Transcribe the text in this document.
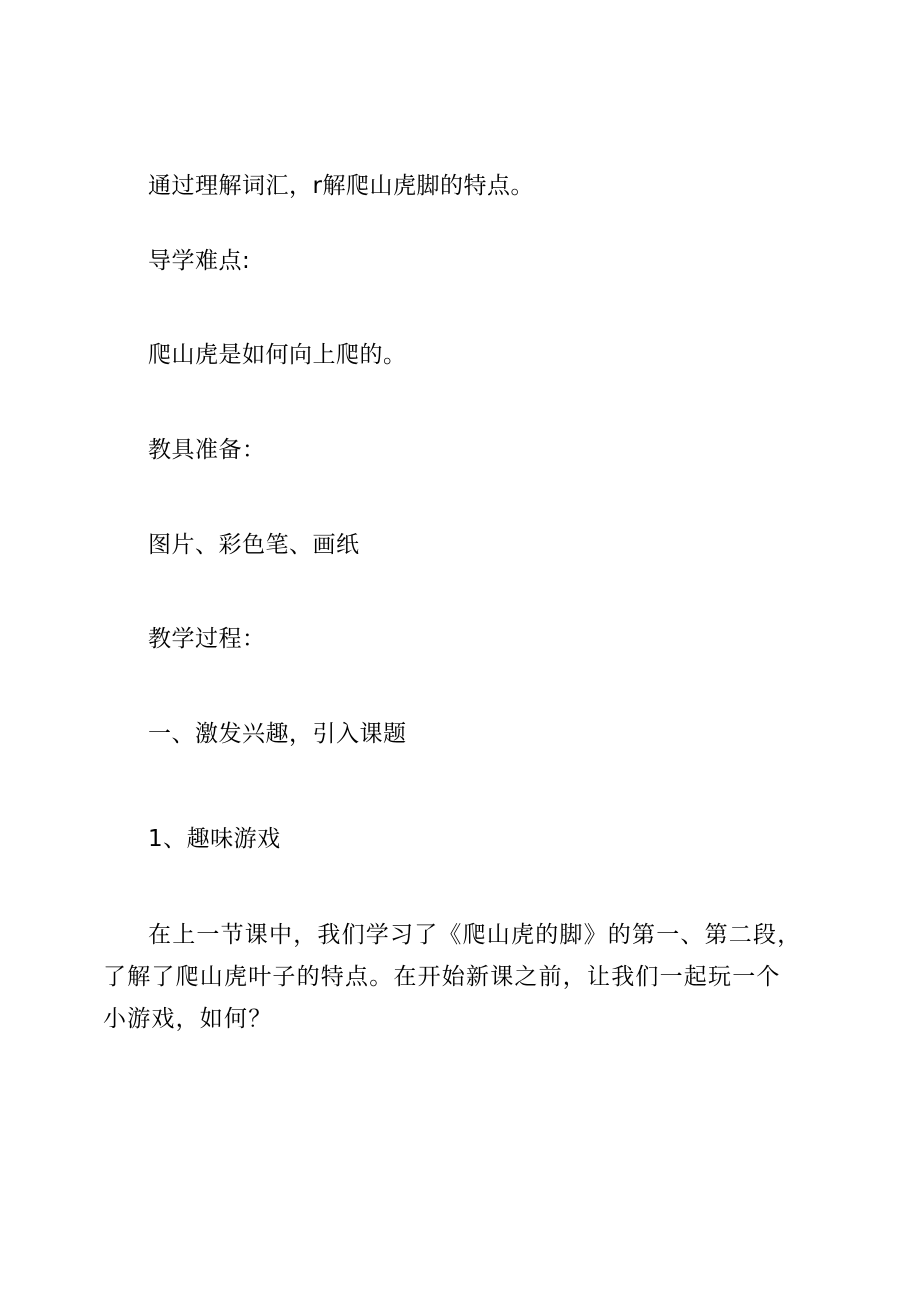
通过理解词汇，r解爬山虎脚的特点。

导学难点:

爬山虎是如何向上爬的。

教具准备：

图片、彩色笔、画纸

教学过程：

一、激发兴趣，引入课题

1、趣味游戏

在上一节课中，我们学习了《爬山虎的脚》的第一、第二段，了解了爬山虎叶子的特点。在开始新课之前，让我们一起玩一个小游戏，如何？
